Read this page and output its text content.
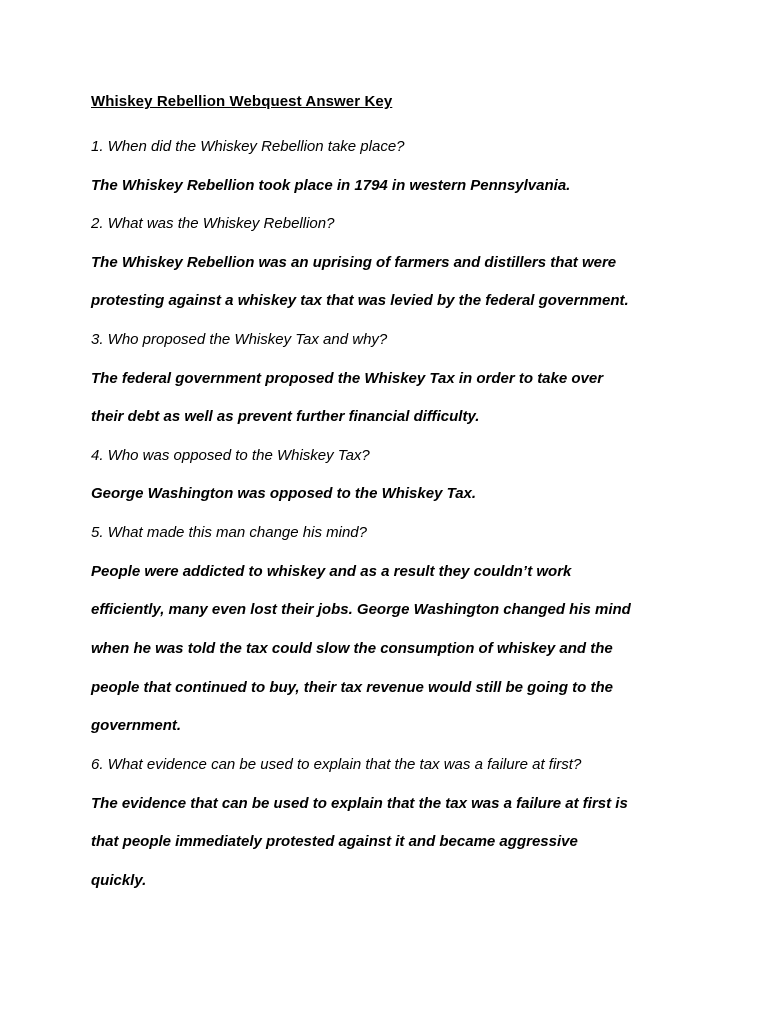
Whiskey Rebellion Webquest Answer Key
1. When did the Whiskey Rebellion take place?
The Whiskey Rebellion took place in 1794 in western Pennsylvania.
2. What was the Whiskey Rebellion?
The Whiskey Rebellion was an uprising of farmers and distillers that were
protesting against a whiskey tax that was levied by the federal government.
3. Who proposed the Whiskey Tax and why?
The federal government proposed the Whiskey Tax in order to take over
their debt as well as prevent further financial difficulty.
4. Who was opposed to the Whiskey Tax?
George Washington was opposed to the Whiskey Tax.
5. What made this man change his mind?
People were addicted to whiskey and as a result they couldn’t work
efficiently, many even lost their jobs. George Washington changed his mind
when he was told the tax could slow the consumption of whiskey and the
people that continued to buy, their tax revenue would still be going to the
government.
6. What evidence can be used to explain that the tax was a failure at first?
The evidence that can be used to explain that the tax was a failure at first is
that people immediately protested against it and became aggressive
quickly.
